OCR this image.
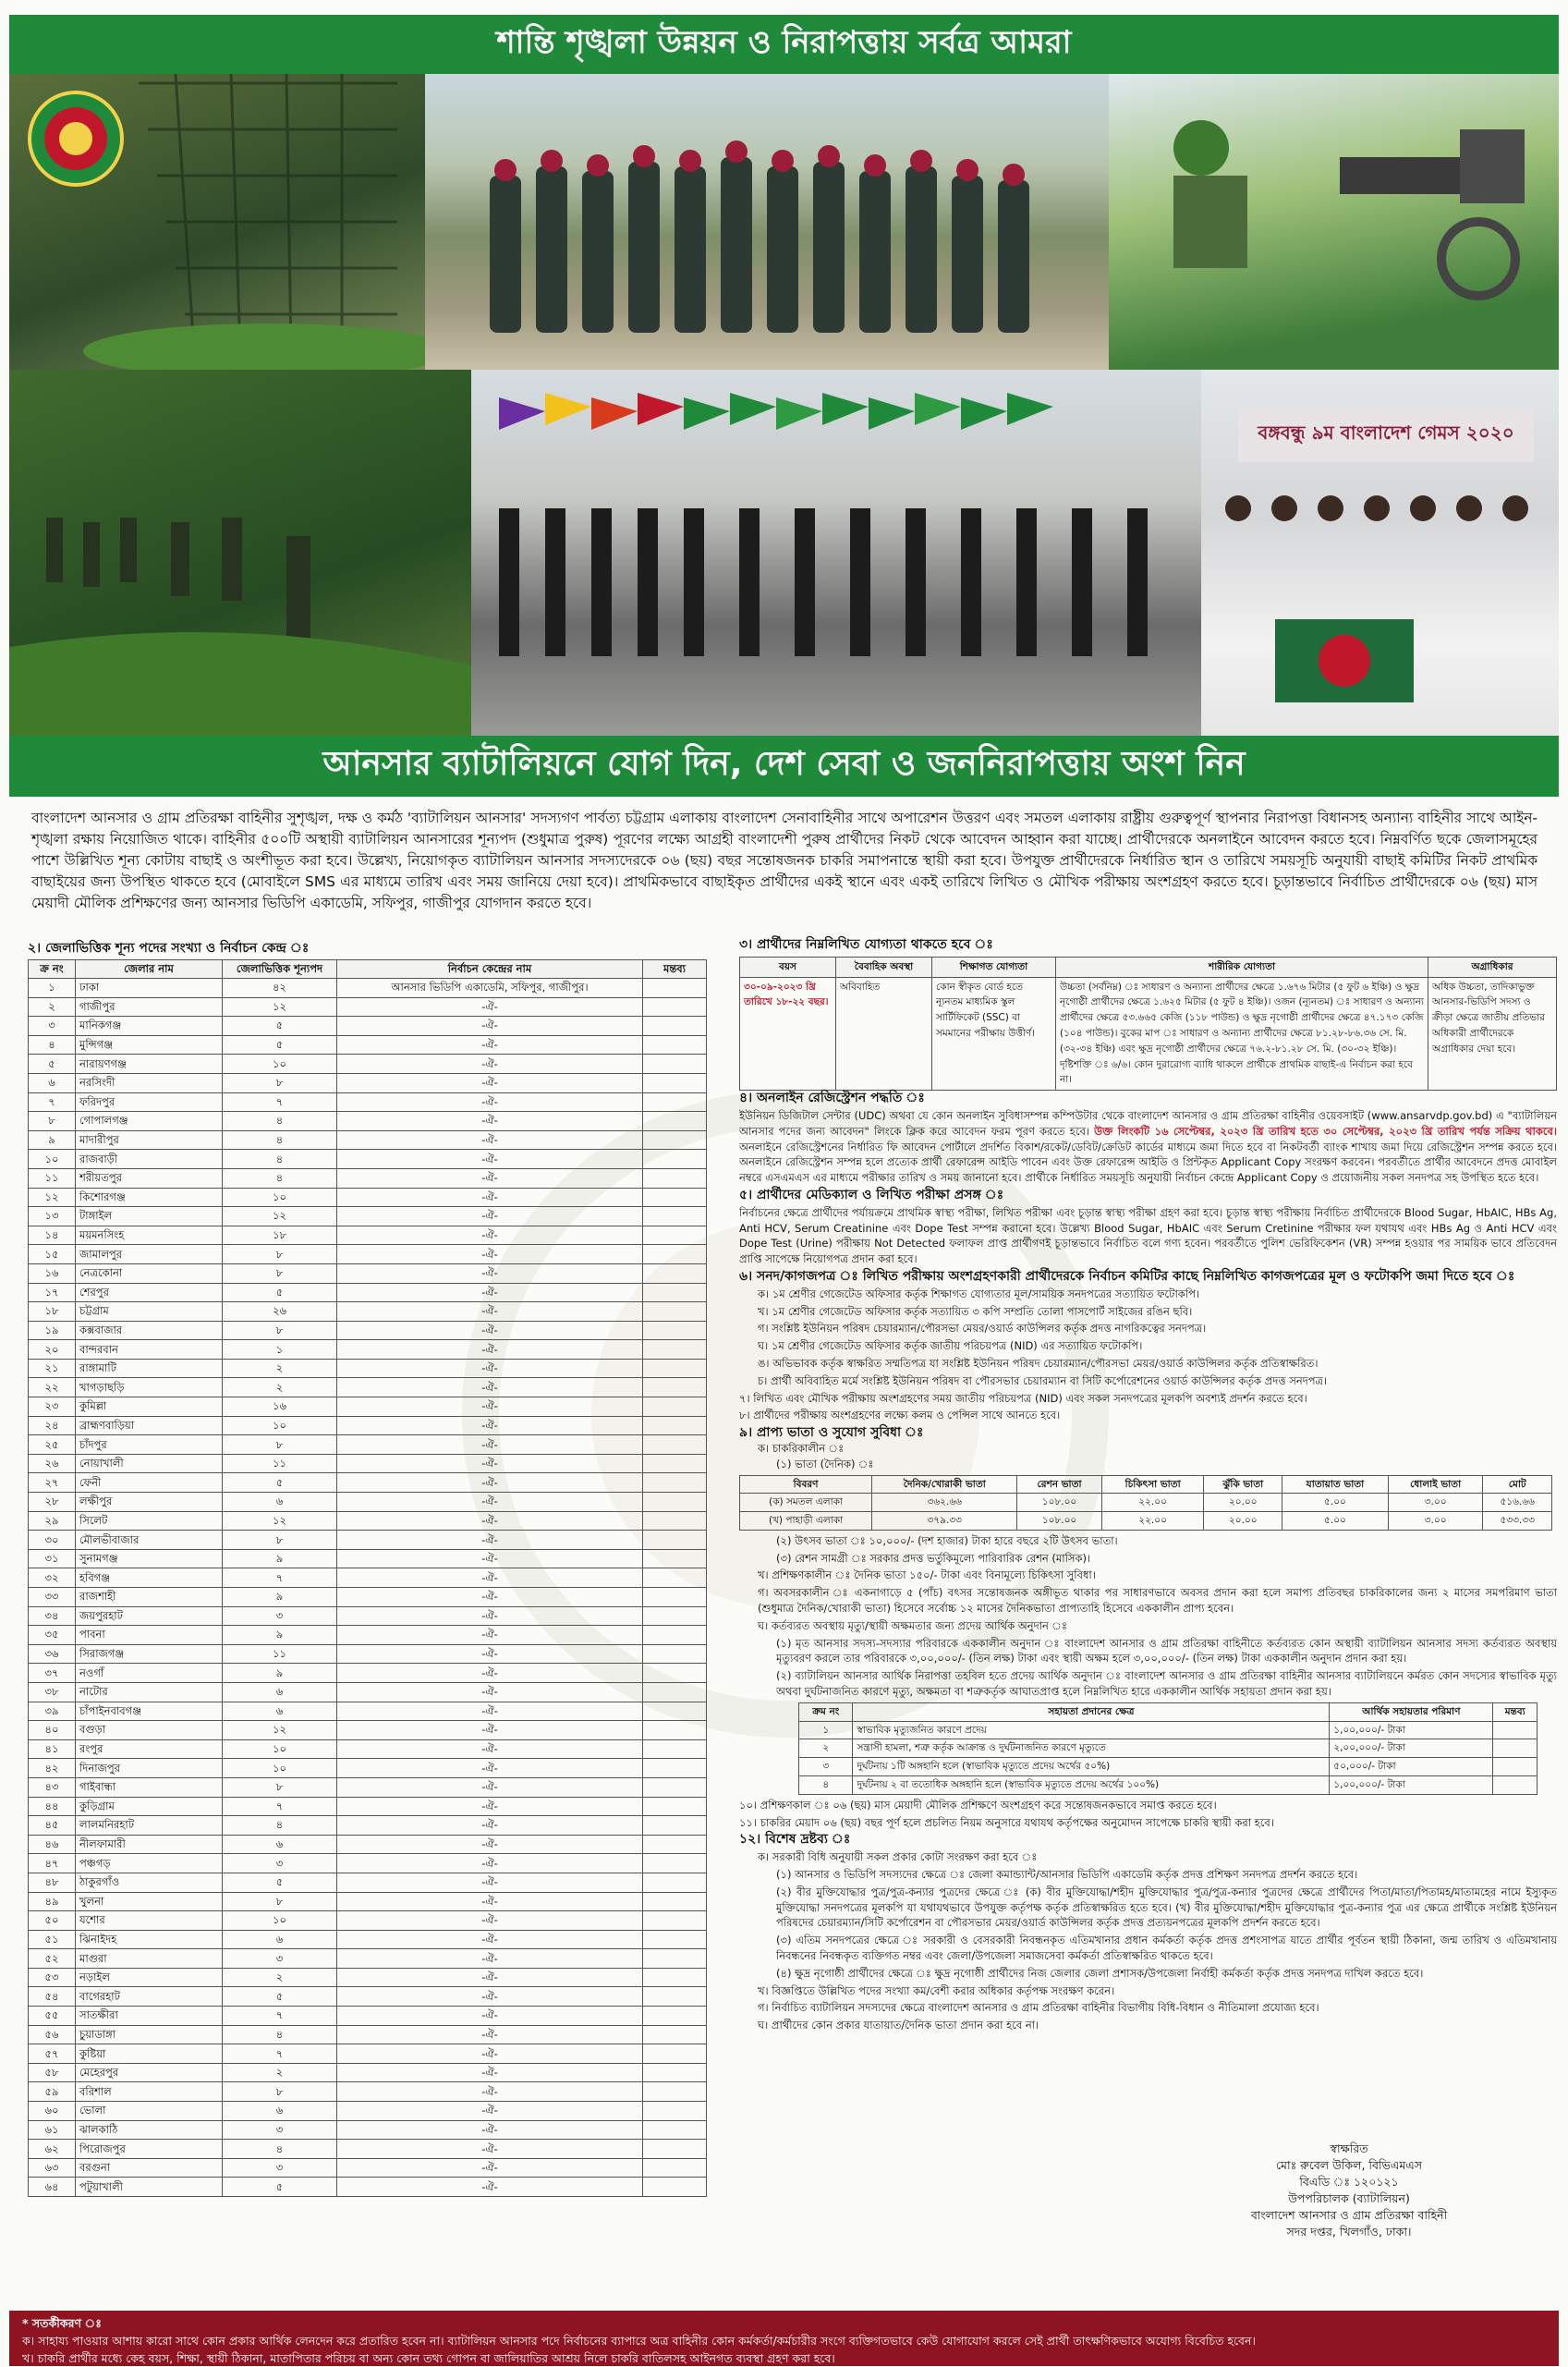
শান্তি শৃঙ্খলা উন্নয়ন ও নিরাপত্তায় সর্বত্র আমরা
বঙ্গবন্ধু ৯ম বাংলাদেশ গেমস ২০২০
আনসার ব্যাটালিয়নে যোগ দিন, দেশ সেবা ও জননিরাপত্তায় অংশ নিন
বাংলাদেশ আনসার ও গ্রাম প্রতিরক্ষা বাহিনীর সুশৃঙ্খল, দক্ষ ও কর্মঠ 'ব্যাটালিয়ন আনসার' সদস্যগণ পার্বত্য চট্টগ্রাম এলাকায় বাংলাদেশ সেনাবাহিনীর সাথে অপারেশন উত্তরণ এবং সমতল এলাকায় রাষ্ট্রীয় গুরুত্বপূর্ণ স্থাপনার নিরাপত্তা বিধানসহ অন্যান্য বাহিনীর সাথে আইন-শৃঙ্খলা রক্ষায় নিয়োজিত থাকে। বাহিনীর ৫০০টি অস্থায়ী ব্যাটালিয়ন আনসারের শূন্যপদ (শুধুমাত্র পুরুষ) পূরণের লক্ষ্যে আগ্রহী বাংলাদেশী পুরুষ প্রার্থীদের নিকট থেকে আবেদন আহ্বান করা যাচ্ছে। প্রার্থীদেরকে অনলাইনে আবেদন করতে হবে। নিম্নবর্ণিত ছকে জেলাসমূহের পাশে উল্লিখিত শূন্য কোটায় বাছাই ও অংশীভূত করা হবে। উল্লেখ্য, নিয়োগকৃত ব্যাটালিয়ন আনসার সদস্যদেরকে ০৬ (ছয়) বছর সন্তোষজনক চাকরি সমাপনান্তে স্থায়ী করা হবে। উপযুক্ত প্রার্থীদেরকে নির্ধারিত স্থান ও তারিখে সময়সূচি অনুযায়ী বাছাই কমিটির নিকট প্রাথমিক বাছাইয়ের জন্য উপস্থিত থাকতে হবে (মোবাইলে SMS এর মাধ্যমে তারিখ এবং সময় জানিয়ে দেয়া হবে)। প্রাথমিকভাবে বাছাইকৃত প্রার্থীদের একই স্থানে এবং একই তারিখে লিখিত ও মৌখিক পরীক্ষায় অংশগ্রহণ করতে হবে। চূড়ান্তভাবে নির্বাচিত প্রার্থীদেরকে ০৬ (ছয়) মাস মেয়াদী মৌলিক প্রশিক্ষণের জন্য আনসার ভিডিপি একাডেমি, সফিপুর, গাজীপুর যোগদান করতে হবে।
২। জেলাভিত্তিক শূন্য পদের সংখ্যা ও নির্বাচন কেন্দ্র ঃ
ক্র নং	জেলার নাম	জেলাভিত্তিক শূন্যপদ	নির্বাচন কেন্দ্রের নাম	মন্তব্য
১	ঢাকা	৪২	আনসার ভিডিপি একাডেমি, সফিপুর, গাজীপুর।	
২	গাজীপুর	১২	-ঐ-	
৩	মানিকগঞ্জ	৫	-ঐ-	
৪	মুন্সিগঞ্জ	৫	-ঐ-	
৫	নারায়ণগঞ্জ	১০	-ঐ-	
৬	নরসিংদী	৮	-ঐ-	
৭	ফরিদপুর	৭	-ঐ-	
৮	গোপালগঞ্জ	৪	-ঐ-	
৯	মাদারীপুর	৪	-ঐ-	
১০	রাজবাড়ী	৪	-ঐ-	
১১	শরীয়তপুর	৪	-ঐ-	
১২	কিশোরগঞ্জ	১০	-ঐ-	
১৩	টাঙ্গাইল	১২	-ঐ-	
১৪	ময়মনসিংহ	১৮	-ঐ-	
১৫	জামালপুর	৮	-ঐ-	
১৬	নেত্রকোনা	৮	-ঐ-	
১৭	শেরপুর	৫	-ঐ-	
১৮	চট্টগ্রাম	২৬	-ঐ-	
১৯	কক্সবাজার	৮	-ঐ-	
২০	বান্দরবান	১	-ঐ-	
২১	রাঙ্গামাটি	২	-ঐ-	
২২	খাগড়াছড়ি	২	-ঐ-	
২৩	কুমিল্লা	১৬	-ঐ-	
২৪	ব্রাহ্মণবাড়িয়া	১০	-ঐ-	
২৫	চাঁদপুর	৮	-ঐ-	
২৬	নোয়াখালী	১১	-ঐ-	
২৭	ফেনী	৫	-ঐ-	
২৮	লক্ষীপুর	৬	-ঐ-	
২৯	সিলেট	১২	-ঐ-	
৩০	মৌলভীবাজার	৮	-ঐ-	
৩১	সুনামগঞ্জ	৯	-ঐ-	
৩২	হবিগঞ্জ	৭	-ঐ-	
৩৩	রাজশাহী	৯	-ঐ-	
৩৪	জয়পুরহাট	৩	-ঐ-	
৩৫	পাবনা	৯	-ঐ-	
৩৬	সিরাজগঞ্জ	১১	-ঐ-	
৩৭	নওগাঁ	৯	-ঐ-	
৩৮	নাটোর	৬	-ঐ-	
৩৯	চাঁপাইনবাবগঞ্জ	৬	-ঐ-	
৪০	বগুড়া	১২	-ঐ-	
৪১	রংপুর	১০	-ঐ-	
৪২	দিনাজপুর	১০	-ঐ-	
৪৩	গাইবান্ধা	৮	-ঐ-	
৪৪	কুড়িগ্রাম	৭	-ঐ-	
৪৫	লালমনিরহাট	৪	-ঐ-	
৪৬	নীলফামারী	৬	-ঐ-	
৪৭	পঞ্চগড়	৩	-ঐ-	
৪৮	ঠাকুরগাঁও	৫	-ঐ-	
৪৯	খুলনা	৮	-ঐ-	
৫০	যশোর	১০	-ঐ-	
৫১	ঝিনাইদহ	৬	-ঐ-	
৫২	মাগুরা	৩	-ঐ-	
৫৩	নড়াইল	২	-ঐ-	
৫৪	বাগেরহাট	৫	-ঐ-	
৫৫	সাতক্ষীরা	৭	-ঐ-	
৫৬	চুয়াডাঙ্গা	৪	-ঐ-	
৫৭	কুষ্টিয়া	৭	-ঐ-	
৫৮	মেহেরপুর	২	-ঐ-	
৫৯	বরিশাল	৮	-ঐ-	
৬০	ভোলা	৬	-ঐ-	
৬১	ঝালকাঠি	৩	-ঐ-	
৬২	পিরোজপুর	৪	-ঐ-	
৬৩	বরগুনা	৩	-ঐ-	
৬৪	পটুয়াখালী	৫	-ঐ-	
৩। প্রার্থীদের নিম্নলিখিত যোগ্যতা থাকতে হবে ঃ
বয়স	বৈবাহিক অবস্থা	শিক্ষাগত যোগ্যতা	শারীরিক যোগ্যতা	অগ্রাধিকার
৩০-০৯-২০২৩ খ্রি তারিখে ১৮-২২ বছর।	অবিবাহিত	কোন স্বীকৃত বোর্ড হতে ন্যূনতম মাধ্যমিক স্কুল সার্টিফিকেট (SSC) বা সমমানের পরীক্ষায় উত্তীর্ণ।	উচ্চতা (সর্বনিম্ন) ঃ সাধারণ ও অন্যান্য প্রার্থীদের ক্ষেত্রে ১.৬৭৬ মিটার (৫ ফুট ৬ ইঞ্চি) ও ক্ষুদ্র নৃগোষ্ঠী প্রার্থীদের ক্ষেত্রে ১.৬২৫ মিটার (৫ ফুট ৪ ইঞ্চি)। ওজন (ন্যূনতম) ঃ সাধারণ ও অন্যান্য প্রার্থীদের ক্ষেত্রে ৫৩.৬৬৫ কেজি (১১৮ পাউন্ড) ও ক্ষুদ্র নৃগোষ্ঠী প্রার্থীদের ক্ষেত্রে ৪৭.১৭৩ কেজি (১০৪ পাউন্ড)। বুকের মাপ ঃ সাধারণ ও অন্যান্য প্রার্থীদের ক্ষেত্রে ৮১.২৮-৮৬.৩৬ সে. মি. (৩২-৩৪ ইঞ্চি) এবং ক্ষুদ্র নৃগোষ্ঠী প্রার্থীদের ক্ষেত্রে ৭৬.২-৮১.২৮ সে. মি. (৩০-৩২ ইঞ্চি)। দৃষ্টিশক্তি ঃ ৬/৬। কোন দুরারোগ্য ব্যাধি থাকলে প্রার্থীকে প্রাথমিক বাছাই-এ নির্বাচন করা হবে না।	অধিক উচ্চতা, তাদিকাভুক্ত আনসার-ভিডিপি সদস্য ও ক্রীড়া ক্ষেত্রে জাতীয় প্রতিভার অধিকারী প্রার্থীদেরকে অগ্রাধিকার দেয়া হবে।
৪। অনলাইন রেজিস্ট্রেশন পদ্ধতি ঃ
ইউনিয়ন ডিজিটাল সেন্টার (UDC) অথবা যে কোন অনলাইন সুবিধাসম্পন্ন কম্পিউটার থেকে বাংলাদেশ আনসার ও গ্রাম প্রতিরক্ষা বাহিনীর ওয়েবসাইট (www.ansarvdp.gov.bd) এ "ব্যাটালিয়ন আনসার পদের জন্য আবেদন" লিংকে ক্লিক করে আবেদন ফরম পূরণ করতে হবে। উক্ত লিংকটি ১৬ সেপ্টেম্বর, ২০২৩ খ্রি তারিখ হতে ৩০ সেপ্টেম্বর, ২০২৩ খ্রি তারিখ পর্যন্ত সক্রিয় থাকবে। অনলাইনে রেজিস্ট্রেশনের নির্ধারিত ফি আবেদন পোর্টালে প্রদর্শিত বিকাশ/রকেট/ডেবিট/ক্রেডিট কার্ডের মাধ্যমে জমা দিতে হবে বা নিকটবর্তী ব্যাংক শাখায় জমা দিয়ে রেজিস্ট্রেশন সম্পন্ন করতে হবে। অনলাইনে রেজিস্ট্রেশন সম্পন্ন হলে প্রত্যেক প্রার্থী রেফারেন্স আইডি পাবেন এবং উক্ত রেফারেন্স আইডি ও প্রিন্টকৃত Applicant Copy সংরক্ষণ করবেন। পরবর্তীতে প্রার্থীর আবেদনে প্রদত্ত মোবাইল নম্বরে এসএমএস এর মাধ্যমে পরীক্ষার তারিখ ও সময় জানানো হবে। প্রার্থীকে নির্ধারিত সময়সূচি অনুযায়ী নির্বাচন কেন্দ্রে Applicant Copy ও প্রয়োজনীয় সকল সনদপত্র সহ উপস্থিত হতে হবে।
৫। প্রার্থীদের মেডিক্যাল ও লিখিত পরীক্ষা প্রসঙ্গ ঃ
নির্বাচনের ক্ষেত্রে প্রার্থীদের পর্যায়ক্রমে প্রাথমিক স্বাস্থ্য পরীক্ষা, লিখিত পরীক্ষা এবং চূড়ান্ত স্বাস্থ্য পরীক্ষা গ্রহণ করা হবে। চূড়ান্ত স্বাস্থ্য পরীক্ষায় নির্বাচিত প্রার্থীদেরকে Blood Sugar, HbAIC, HBs Ag, Anti HCV, Serum Creatinine এবং Dope Test সম্পন্ন করানো হবে। উল্লেখ্য Blood Sugar, HbAIC এবং Serum Cretinine পরীক্ষার ফল যথাযথ এবং HBs Ag ও Anti HCV এবং Dope Test (Urine) পরীক্ষায় Not Detected ফলাফল প্রাপ্ত প্রার্থীগণই চূড়ান্তভাবে নির্বাচিত বলে গণ্য হবেন। পরবর্তীতে পুলিশ ভেরিফিকেশন (VR) সম্পন্ন হওয়ার পর সাময়িক ভাবে প্রতিবেদন প্রাপ্তি সাপেক্ষে নিয়োগপত্র প্রদান করা হবে।
৬। সনদ/কাগজপত্র ঃ লিখিত পরীক্ষায় অংশগ্রহণকারী প্রার্থীদেরকে নির্বাচন কমিটির কাছে নিম্নলিখিত কাগজপত্রের মূল ও ফটোকপি জমা দিতে হবে ঃ
ক। ১ম শ্রেণীর গেজেটেড অফিসার কর্তৃক শিক্ষাগত যোগ্যতার মূল/সাময়িক সনদপত্রের সত্যায়িত ফটোকপি।
খ। ১ম শ্রেণীর গেজেটেড অফিসার কর্তৃক সত্যায়িত ৩ কপি সম্প্রতি তোলা পাসপোর্ট সাইজের রঙিন ছবি।
গ। সংশ্লিষ্ট ইউনিয়ন পরিষদ চেয়ারম্যান/পৌরসভা মেয়র/ওয়ার্ড কাউন্সিলর কর্তৃক প্রদত্ত নাগরিকত্বের সনদপত্র।
ঘ। ১ম শ্রেণীর গেজেটেড অফিসার কর্তৃক জাতীয় পরিচয়পত্র (NID) এর সত্যায়িত ফটোকপি।
ঙ। অভিভাবক কর্তৃক স্বাক্ষরিত সম্মতিপত্র যা সংশ্লিষ্ট ইউনিয়ন পরিষদ চেয়ারম্যান/পৌরসভা মেয়র/ওয়ার্ড কাউন্সিলর কর্তৃক প্রতিস্বাক্ষরিত।
চ। প্রার্থী অবিবাহিত মর্মে সংশ্লিষ্ট ইউনিয়ন পরিষদ বা পৌরসভার চেয়ারম্যান বা সিটি কর্পোরেশনের ওয়ার্ড কাউন্সিলর কর্তৃক প্রদত্ত সনদপত্র।
৭। লিখিত এবং মৌখিক পরীক্ষায় অংশগ্রহণের সময় জাতীয় পরিচয়পত্র (NID) এবং সকল সনদপত্রের মূলকপি অবশ্যই প্রদর্শন করতে হবে।
৮। প্রার্থীদের পরীক্ষায় অংশগ্রহণের লক্ষ্যে কলম ও পেন্সিল সাথে আনতে হবে।
৯। প্রাপ্য ভাতা ও সুযোগ সুবিধা ঃ
ক। চাকরিকালীন ঃ
(১) ভাতা (দৈনিক) ঃ
বিবরণ	দৈনিক/খোরাকী ভাতা	রেশন ভাতা	চিকিৎসা ভাতা	ঝুঁকি ভাতা	যাতায়াত ভাতা	ধোলাই ভাতা	মোট
(ক) সমতল এলাকা	৩৬২.৬৬	১০৮.০০	২২.০০	২০.০০	৫.০০	৩.০০	৫১৬.৬৬
(খ) পাহাড়ী এলাকা	৩৭৯.৩৩	১০৮.০০	২২.০০	২০.০০	৫.০০	৩.০০	৫৩৩.৩৩
(২) উৎসব ভাতা ঃ ১০,০০০/- (দশ হাজার) টাকা হারে বছরে ২টি উৎসব ভাতা।
(৩) রেশন সামগ্রী ঃ সরকার প্রদত্ত ভর্তুকিমূল্যে পারিবারিক রেশন (মাসিক)।
খ। প্রশিক্ষণকালীন ঃ দৈনিক ভাতা ১৫০/- টাকা এবং বিনামূল্যে চিকিৎসা সুবিধা।
গ। অবসরকালীন ঃ একনাগাড়ে ৫ (পাঁচ) বৎসর সন্তোষজনক অঙ্গীভূত থাকার পর সাধারণভাবে অবসর প্রদান করা হলে সমাপ্য প্রতিবছর চাকরিকালের জন্য ২ মাসের সমপরিমাণ ভাতা (শুধুমাত্র দৈনিক/খোরাকী ভাতা) হিসেবে সর্বোচ্চ ১২ মাসের দৈনিকভাতা প্রাপ্যতাহি হিসেবে এককালীন প্রাপ্য হবেন।
ঘ। কর্তব্যরত অবস্থায় মৃত্যু/স্থায়ী অক্ষমতার জন্য প্রদেয় আর্থিক অনুদান ঃ
(১) মৃত আনসার সদস্য-সদস্যার পরিবারকে এককালীন অনুদান ঃ বাংলাদেশ আনসার ও গ্রাম প্রতিরক্ষা বাহিনীতে কর্তব্যরত কোন অস্থায়ী ব্যাটালিয়ন আনসার সদস্য কর্তব্যরত অবস্থায় মৃত্যুবরণ করলে তার পরিবারকে ৩,০০,০০০/- (তিন লক্ষ) টাকা এবং স্থায়ী অক্ষম হলে ৩,০০,০০০/- (তিন লক্ষ) টাকা এককালীন অনুদান প্রদান করা হয়।
(২) ব্যাটালিয়ন আনসার আর্থিক নিরাপত্তা তহবিল হতে প্রদেয় আর্থিক অনুদান ঃ বাংলাদেশ আনসার ও গ্রাম প্রতিরক্ষা বাহিনীর আনসার ব্যাটালিয়নে কর্মরত কোন সদস্যের স্বাভাবিক মৃত্যু অথবা দুর্ঘটনাজনিত কারণে মৃত্যু, অক্ষমতা বা শত্রুকর্তৃক আঘাতপ্রাপ্ত হলে নিম্নলিখিত হারে এককালীন আর্থিক সহায়তা প্রদান করা হয়।
ক্রম নং	সহায়তা প্রদানের ক্ষেত্র	আর্থিক সহায়তার পরিমাণ	মন্তব্য
১	স্বাভাবিক মৃত্যুজনিত কারণে প্রদেয়	১,০০,০০০/- টাকা	
২	সন্ত্রাসী হামলা, শত্রু কর্তৃক আক্রান্ত ও দুর্ঘটনাজনিত কারণে মৃত্যুতে	২,০০,০০০/- টাকা	
৩	দুর্ঘটনায় ১টি অঙ্গহানি হলে (স্বাভাবিক মৃত্যুতে প্রদেয় অর্থের ৫০%)	৫০,০০০/- টাকা	
৪	দুর্ঘটনায় ২ বা ততোধিক অঙ্গহানি হলে (স্বাভাবিক মৃত্যুতে প্রদেয় অর্থের ১০০%)	১,০০,০০০/- টাকা	
১০। প্রশিক্ষণকাল ঃ ০৬ (ছয়) মাস মেয়াদী মৌলিক প্রশিক্ষণে অংশগ্রহণ করে সন্তোষজনকভাবে সমাপ্ত করতে হবে।
১১। চাকরির মেয়াদ ০৬ (ছয়) বছর পূর্ণ হলে প্রচলিত নিয়ম অনুসারে যথাযথ কর্তৃপক্ষের অনুমোদন সাপেক্ষে চাকরি স্থায়ী করা হবে।
১২। বিশেষ দ্রষ্টব্য ঃ
ক। সরকারী বিধি অনুযায়ী সকল প্রকার কোটা সংরক্ষণ করা হবে ঃ
(১) আনসার ও ভিডিপি সদস্যদের ক্ষেত্রে ঃ জেলা কমান্ড্যান্ট/আনসার ভিডিপি একাডেমি কর্তৃক প্রদত্ত প্রশিক্ষণ সনদপত্র প্রদর্শন করতে হবে।
(২) বীর মুক্তিযোদ্ধার পুত্র/পুত্র-কন্যার পুত্রদের ক্ষেত্রে ঃ (ক) বীর মুক্তিযোদ্ধা/শহীদ মুক্তিযোদ্ধার পুত্র/পুত্র-কন্যার পুত্রদের ক্ষেত্রে প্রার্থীদের পিতা/মাতা/পিতামহ/মাতামহের নামে ইস্যুকৃত মুক্তিযোদ্ধা সনদপত্রের মূলকপি যা যথাযথভাবে উপযুক্ত কর্তৃপক্ষ কর্তৃক প্রতিস্বাক্ষরিত হতে হবে। (খ) বীর মুক্তিযোদ্ধা/শহীদ মুক্তিযোদ্ধার পুত্র-কন্যার পুত্র এর ক্ষেত্রে প্রার্থীকে সংশ্লিষ্ট ইউনিয়ন পরিষদের চেয়ারম্যান/সিটি কর্পোরেশন বা পৌরসভার মেয়র/ওয়ার্ড কাউন্সিলর কর্তৃক প্রদত্ত প্রত্যয়নপত্রের মূলকপি প্রদর্শন করতে হবে।
(৩) এতিম সনদপত্রের ক্ষেত্রে ঃ সরকারী ও বেসরকারী নিবন্ধনকৃত এতিমখানার প্রধান কর্মকর্তা কর্তৃক প্রদত্ত প্রশংসাপত্র যাতে প্রার্থীর পূর্বতন স্থায়ী ঠিকানা, জন্ম তারিখ ও এতিমখানায় নিবন্ধনের নিবন্ধকৃত ব্যক্তিগত নম্বর এবং জেলা/উপজেলা সমাজসেবা কর্মকর্তা প্রতিস্বাক্ষরিত থাকতে হবে।
(৪) ক্ষুদ্র নৃগোষ্ঠী প্রার্থীদের ক্ষেত্রে ঃ ক্ষুদ্র নৃগোষ্ঠী প্রার্থীদের নিজ জেলার জেলা প্রশাসক/উপজেলা নির্বাহী কর্মকর্তা কর্তৃক প্রদত্ত সনদপত্র দাখিল করতে হবে।
খ। বিজ্ঞপ্তিতে উল্লিখিত পদের সংখ্যা কম/বেশী করার অধিকার কর্তৃপক্ষ সংরক্ষণ করেন।
গ। নির্বাচিত ব্যাটালিয়ন সদস্যদের ক্ষেত্রে বাংলাদেশ আনসার ও গ্রাম প্রতিরক্ষা বাহিনীর বিভাগীয় বিধি-বিধান ও নীতিমালা প্রযোজ্য হবে।
ঘ। প্রার্থীদের কোন প্রকার যাতায়াত/দৈনিক ভাতা প্রদান করা হবে না।
স্বাক্ষরিত
মোঃ রুবেল উকিল, বিভিএমএস
বিএডি ঃ ১২০১২১
উপপরিচালক (ব্যাটালিয়ন)
বাংলাদেশ আনসার ও গ্রাম প্রতিরক্ষা বাহিনী
সদর দপ্তর, খিলগাঁও, ঢাকা।
* সতর্কীকরণ ঃ
ক। সাহায্য পাওয়ার আশায় কারো সাথে কোন প্রকার আর্থিক লেনদেন করে প্রতারিত হবেন না। ব্যাটালিয়ন আনসার পদে নির্বাচনের ব্যাপারে অত্র বাহিনীর কোন কর্মকর্তা/কর্মচারীর সংগে ব্যক্তিগতভাবে কেউ যোগাযোগ করলে সেই প্রার্থী তাৎক্ষণিকভাবে অযোগ্য বিবেচিত হবেন।
খ। চাকরি প্রার্থীর মধ্যে কেহ বয়স, শিক্ষা, স্থায়ী ঠিকানা, মাতাপিতার পরিচয় বা অন্য কোন তথ্য গোপন বা জালিয়াতির আশ্রয় নিলে চাকরি বাতিলসহ আইনগত ব্যবস্থা গ্রহণ করা হবে।
